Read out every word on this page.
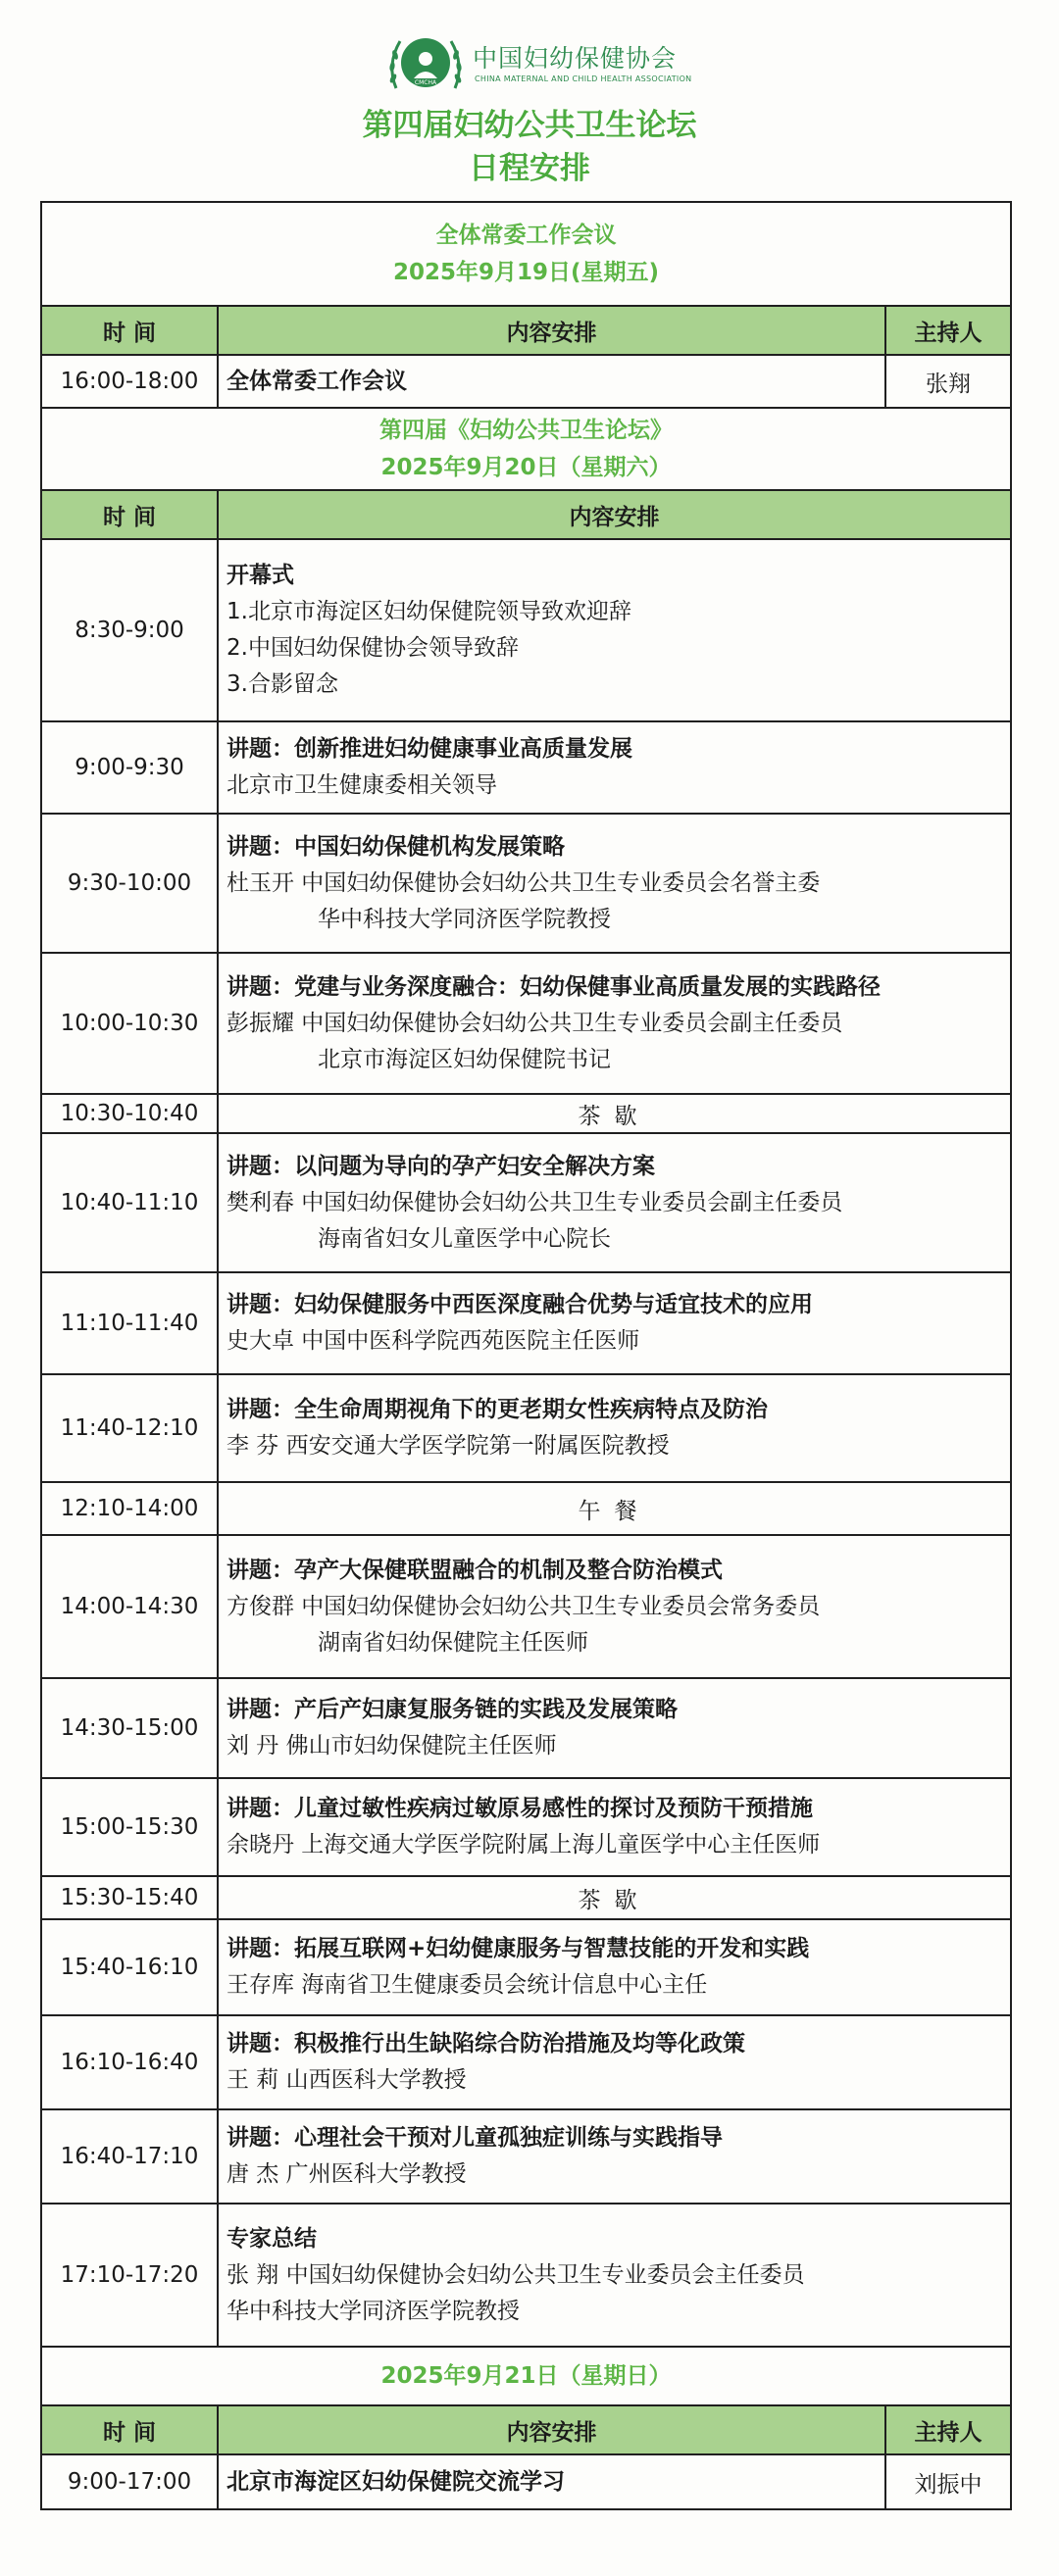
CMCHA
中国妇幼保健协会
CHINA MATERNAL AND CHILD HEALTH ASSOCIATION
第四届妇幼公共卫生论坛
日程安排
全体常委工作会议
2025年9月19日(星期五)		

时 间	内容安排	主持人
16:00-18:00	全体常委工作会议	张翔

第四届《妇幼公共卫生论坛》
2025年9月20日（星期六）		

时 间	内容安排	
8:30-9:00	开幕式
1.北京市海淀区妇幼保健院领导致欢迎辞
2.中国妇幼保健协会领导致辞
3.合影留念	

9:00-9:30	讲题：创新推进妇幼健康事业高质量发展
北京市卫生健康委相关领导	

9:30-10:00	讲题：中国妇幼保健机构发展策略
杜玉开 中国妇幼保健协会妇幼公共卫生专业委员会名誉主委
华中科技大学同济医学院教授	

10:00-10:30	讲题：党建与业务深度融合：妇幼保健事业高质量发展的实践路径
彭振耀 中国妇幼保健协会妇幼公共卫生专业委员会副主任委员
北京市海淀区妇幼保健院书记	

10:30-10:40	茶歇	
10:40-11:10	讲题：以问题为导向的孕产妇安全解决方案
樊利春 中国妇幼保健协会妇幼公共卫生专业委员会副主任委员
海南省妇女儿童医学中心院长	

11:10-11:40	讲题：妇幼保健服务中西医深度融合优势与适宜技术的应用
史大卓 中国中医科学院西苑医院主任医师	

11:40-12:10	讲题：全生命周期视角下的更老期女性疾病特点及防治
李 芬 西安交通大学医学院第一附属医院教授	

12:10-14:00	午餐	
14:00-14:30	讲题：孕产大保健联盟融合的机制及整合防治模式
方俊群 中国妇幼保健协会妇幼公共卫生专业委员会常务委员
湖南省妇幼保健院主任医师	

14:30-15:00	讲题：产后产妇康复服务链的实践及发展策略
刘 丹 佛山市妇幼保健院主任医师	

15:00-15:30	讲题：儿童过敏性疾病过敏原易感性的探讨及预防干预措施
余晓丹 上海交通大学医学院附属上海儿童医学中心主任医师	

15:30-15:40	茶歇	
15:40-16:10	讲题：拓展互联网+妇幼健康服务与智慧技能的开发和实践
王存库 海南省卫生健康委员会统计信息中心主任	

16:10-16:40	讲题：积极推行出生缺陷综合防治措施及均等化政策
王 莉 山西医科大学教授	

16:40-17:10	讲题：心理社会干预对儿童孤独症训练与实践指导
唐 杰 广州医科大学教授	

17:10-17:20	专家总结
张 翔 中国妇幼保健协会妇幼公共卫生专业委员会主任委员
华中科技大学同济医学院教授	

2025年9月21日（星期日）		
时 间	内容安排	主持人
9:00-17:00	北京市海淀区妇幼保健院交流学习	刘振中
